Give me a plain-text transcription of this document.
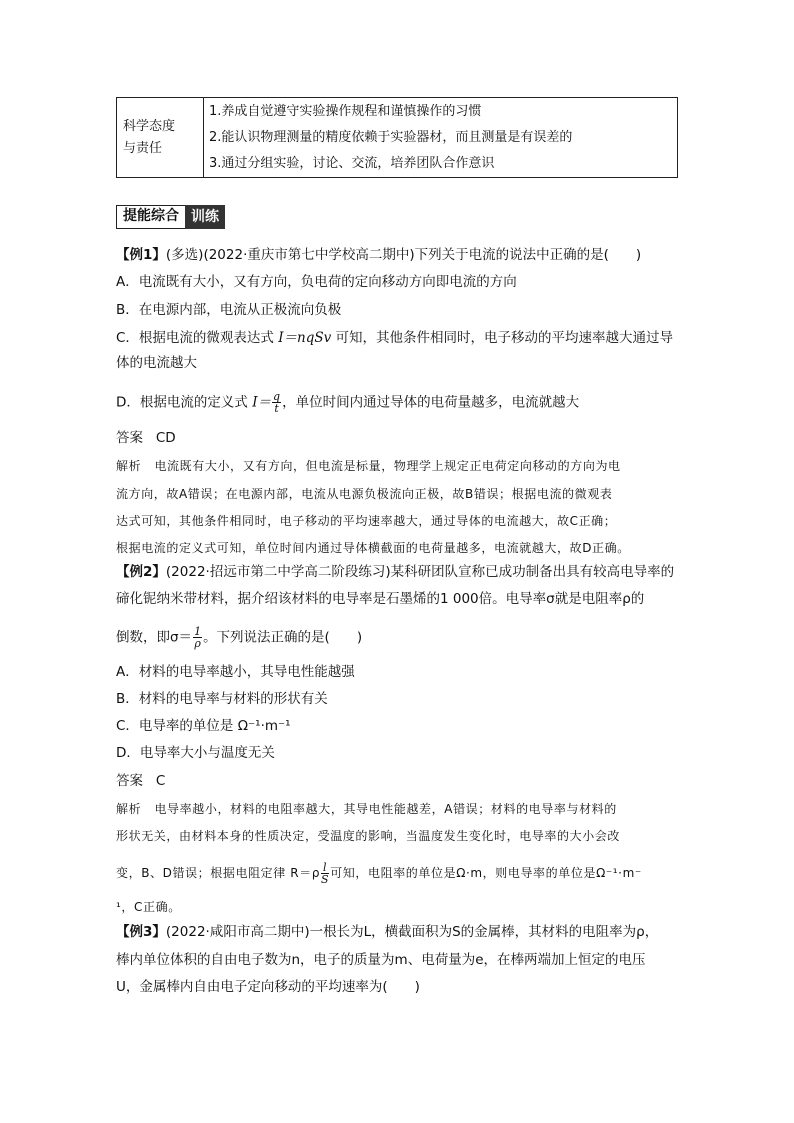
科学态度
与责任

1.养成自觉遵守实验操作规程和谨慎操作的习惯
2.能认识物理测量的精度依赖于实验器材，而且测量是有误差的
3.通过分组实验，讨论、交流，培养团队合作意识
提能综合 训练
【例1】(多选)(2022·重庆市第七中学校高二期中)下列关于电流的说法中正确的是(　　)
A．电流既有大小，又有方向，负电荷的定向移动方向即电流的方向
B．在电源内部，电流从正极流向负极
C．根据电流的微观表达式 I＝nqSv 可知，其他条件相同时，电子移动的平均速率越大通过导
体的电流越大
D．根据电流的定义式 $I= \frac{q}{t}$ ，单位时间内通过导体的电荷量越多，电流就越大
答案 CD
解析 电流既有大小，又有方向，但电流是标量，物理学上规定正电荷定向移动的方向为电
流方向，故A错误；在电源内部，电流从电源负极流向正极，故B错误；根据电流的微观表
达式可知，其他条件相同时，电子移动的平均速率越大，通过导体的电流越大，故C正确；
根据电流的定义式可知，单位时间内通过导体横截面的电荷量越多，电流就越大，故D正确。
【例2】(2022·招远市第二中学高二阶段练习)某科研团队宣称已成功制备出具有较高电导率的
碲化铌纳米带材料，据介绍该材料的电导率是石墨烯的1 000倍。电导率σ就是电阻率ρ的
倒数，即$\sigma= \frac{1}{\rho}$ 。下列说法正确的是(　　)
A．材料的电导率越小，其导电性能越强
B．材料的电导率与材料的形状有关
C．电导率的单位是 Ω⁻¹·m⁻¹
D．电导率大小与温度无关
答案 C
解析 电导率越小，材料的电阻率越大，其导电性能越差，A错误；材料的电导率与材料的
形状无关，由材料本身的性质决定，受温度的影响，当温度发生变化时，电导率的大小会改
变，B、D错误；根据电阻定律 $R=\rho \frac{l}{S}$ 可知，电阻率的单位是Ω·m，则电导率的单位是Ω⁻¹·m⁻
¹，C正确。
【例3】(2022·咸阳市高二期中)一根长为L，横截面积为S的金属棒，其材料的电阻率为ρ，
棒内单位体积的自由电子数为n，电子的质量为m、电荷量为e，在棒两端加上恒定的电压
U，金属棒内自由电子定向移动的平均速率为(　　)
